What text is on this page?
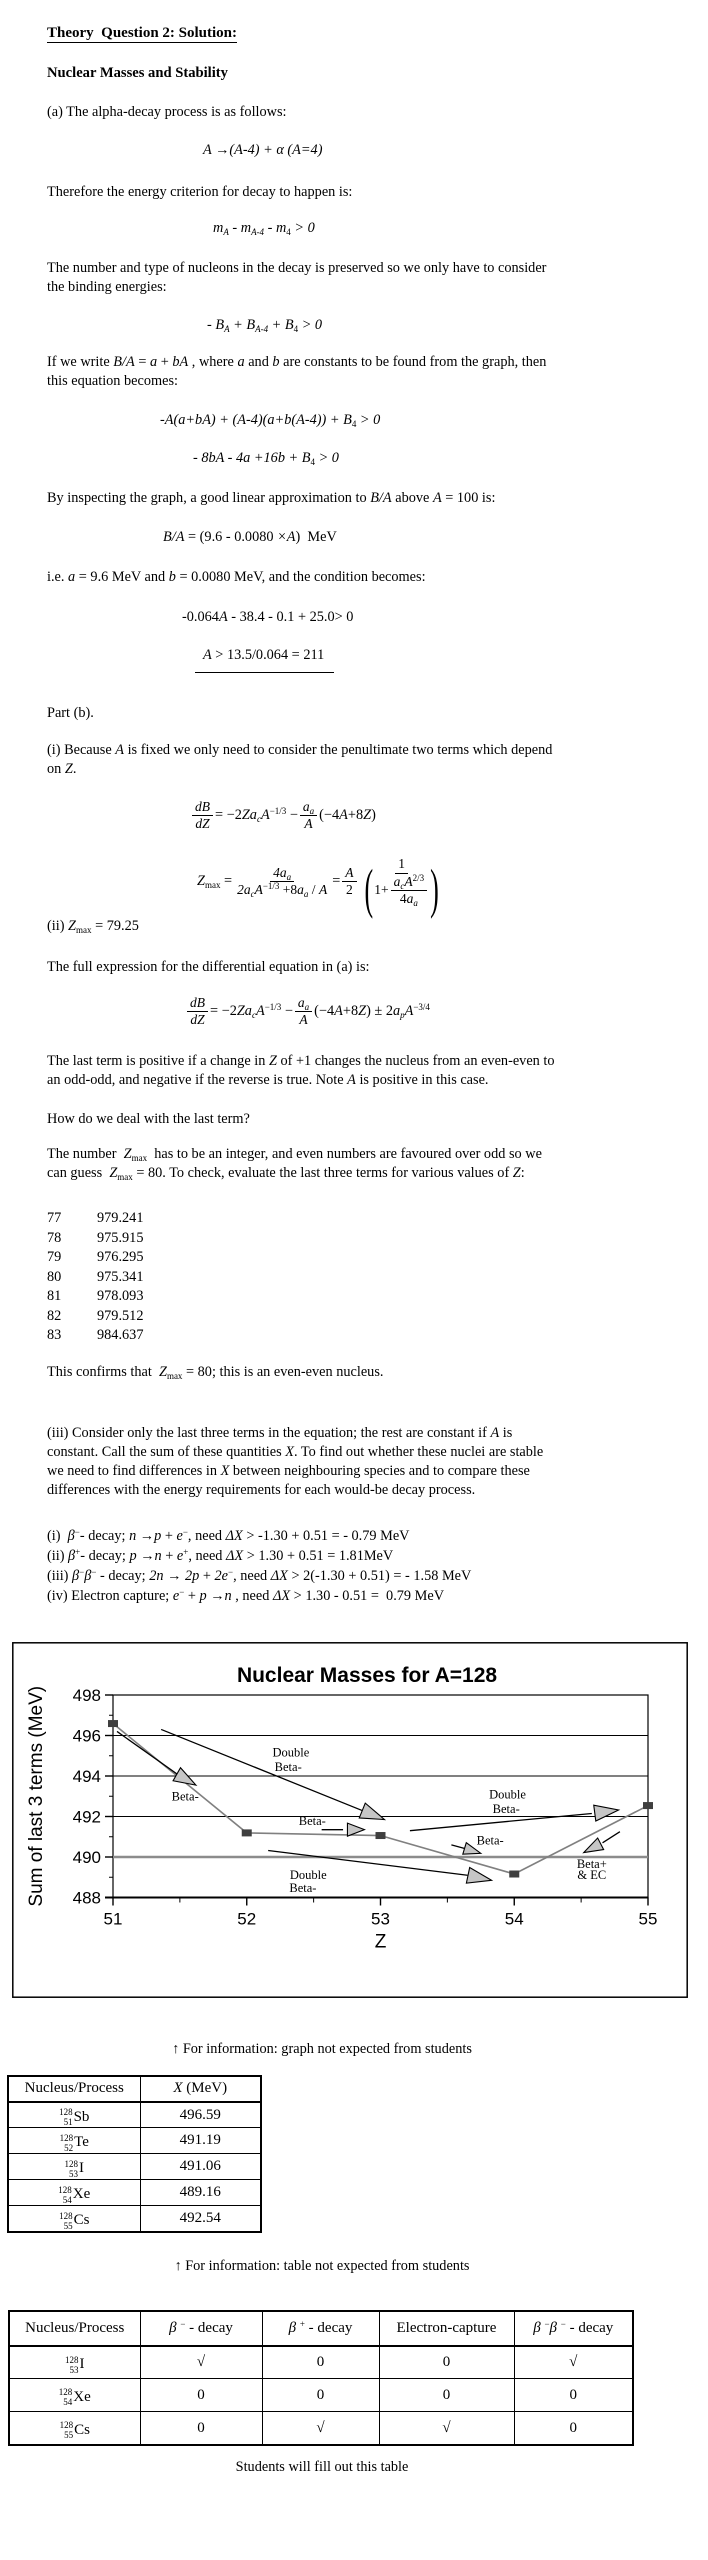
Theory  Question 2: Solution:
Nuclear Masses and Stability

(a) The alpha-decay process is as follows:

A →(A-4) + α (A=4)

Therefore the energy criterion for decay to happen is:

$m_A - m_{A-4} - m_4 > 0$

The number and type of nucleons in the decay is preserved so we only have to consider
the binding energies:

- $B_A + B_{A-4} + B_4 > 0$

If we write B/A = a + bA , where a and b are constants to be found from the graph, then
this equation becomes:

$-A(a+bA) + (A-4)(a+b(A-4)) + B_4 > 0$
- $8bA - 4a +16b + B_4 > 0$

By inspecting the graph, a good linear approximation to B/A above A = 100 is:

B/A = (9.6 - 0.0080 ×A)  MeV

i.e. a = 9.6 MeV and b = 0.0080 MeV, and the condition becomes:

-0.064A - 38.4 - 0.1 + 25.0> 0
A > 13.5/0.064 = 211

Part (b).

(i) Because A is fixed we only need to consider the penultimate two terms which depend
on Z.

$\frac{dB}{dZ} = -2Za_cA^{-1/3} - \frac{a_a}{A} (-4A+8Z)$
$Z_{max} = \frac{4a_a}{2a_cA^{-1/3} +8a_a / A} = \frac{A}{2} \frac{1}{( 1+ \frac{a_cA^{2/3}}{4a_a} )}$

(ii) $Z_{max} = 79.25$

The full expression for the differential equation in (a) is:

$\frac{dB}{dZ} = -2Za_cA^{-1/3} - \frac{a_a}{A} (-4A+8Z) \pm 2a_pA^{-3/4}$

The last term is positive if a change in Z of +1 changes the nucleus from an even-even to
an odd-odd, and negative if the reverse is true. Note A is positive in this case.

How do we deal with the last term?

The number  $Z_{max}$  has to be an integer, and even numbers are favoured over odd so we
can guess  $Z_{max} = 80$. To check, evaluate the last three terms for various values of Z:

77 979.241
78 975.915
79 976.295
80 975.341
81 978.093
82 979.512
83 984.637

This confirms that  $Z_{max} = 80$; this is an even-even nucleus.

(iii) Consider only the last three terms in the equation; the rest are constant if A is
constant. Call the sum of these quantities X. To find out whether these nuclei are stable
we need to find differences in X between neighbouring species and to compare these
differences with the energy requirements for each would-be decay process.

(i)  β−- decay; n →p + e−, need ΔX > -1.30 + 0.51 = - 0.79 MeV
(ii) β+- decay; p →n + e+, need ΔX > 1.30 + 0.51 = 1.81MeV
(iii) β−β− - decay; 2n → 2p + 2e−, need ΔX > 2(-1.30 + 0.51) = - 1.58 MeV
(iv) Electron capture; e− + p →n , need ΔX > 1.30 - 0.51 =  0.79 MeV
Nuclear Masses for A=128
488
490
492
494
496
498
51	52	53	54	55
Z
Sum of last 3 terms (MeV)	Beta-
Double
Beta-
Beta-
Double
Beta-
Beta-
Double
Beta-
Beta+
& EC
↑ For information: graph not expected from students
Nucleus/Process	X (MeV)

128
51 Sb	496.59

128
52 Te	491.19

128
53 I	491.06

128
54 Xe	489.16

128
55 Cs	492.54
↑ For information: table not expected from students
Nucleus/Process	β − - decay	β + - decay	Electron-capture	β −β − - decay

128
53 I	√	0	0	√

128
54 Xe	0	0	0	0

128
55 Cs	0	√	√	0
Students will fill out this table
